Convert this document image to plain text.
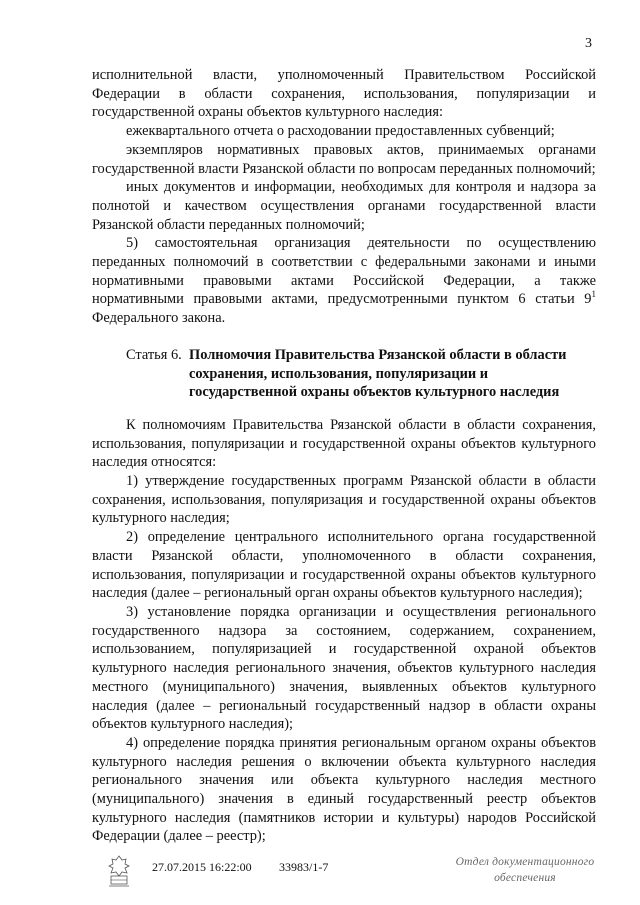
3

исполнительной власти, уполномоченный Правительством Российской Федерации в области сохранения, использования, популяризации и государственной охраны объектов культурного наследия:

ежеквартального отчета о расходовании предоставленных субвенций;

экземпляров нормативных правовых актов, принимаемых органами государственной власти Рязанской области по вопросам переданных полномочий;

иных документов и информации, необходимых для контроля и надзора за полнотой и качеством осуществления органами государственной власти Рязанской области переданных полномочий;

5) самостоятельная организация деятельности по осуществлению переданных полномочий в соответствии с федеральными законами и иными нормативными правовыми актами Российской Федерации, а также нормативными правовыми актами, предусмотренными пунктом 6 статьи $9^1$ Федерального закона.

Статья 6. Полномочия Правительства Рязанской области в области сохранения, использования, популяризации и государственной охраны объектов культурного наследия

К полномочиям Правительства Рязанской области в области сохранения, использования, популяризации и государственной охраны объектов культурного наследия относятся:

1) утверждение государственных программ Рязанской области в области сохранения, использования, популяризация и государственной охраны объектов культурного наследия;

2) определение центрального исполнительного органа государственной власти Рязанской области, уполномоченного в области сохранения, использования, популяризации и государственной охраны объектов культурного наследия (далее – региональный орган охраны объектов культурного наследия);

3) установление порядка организации и осуществления регионального государственного надзора за состоянием, содержанием, сохранением, использованием, популяризацией и государственной охраной объектов культурного наследия регионального значения, объектов культурного наследия местного (муниципального) значения, выявленных объектов культурного наследия (далее – региональный государственный надзор в области охраны объектов культурного наследия);

4) определение порядка принятия региональным органом охраны объектов культурного наследия решения о включении объекта культурного наследия регионального значения или объекта культурного наследия местного (муниципального) значения в единый государственный реестр объектов культурного наследия (памятников истории и культуры) народов Российской Федерации (далее – реестр);

27.07.2015 16:22:00 33983/1-7	Отдел документационного
обеспечения
